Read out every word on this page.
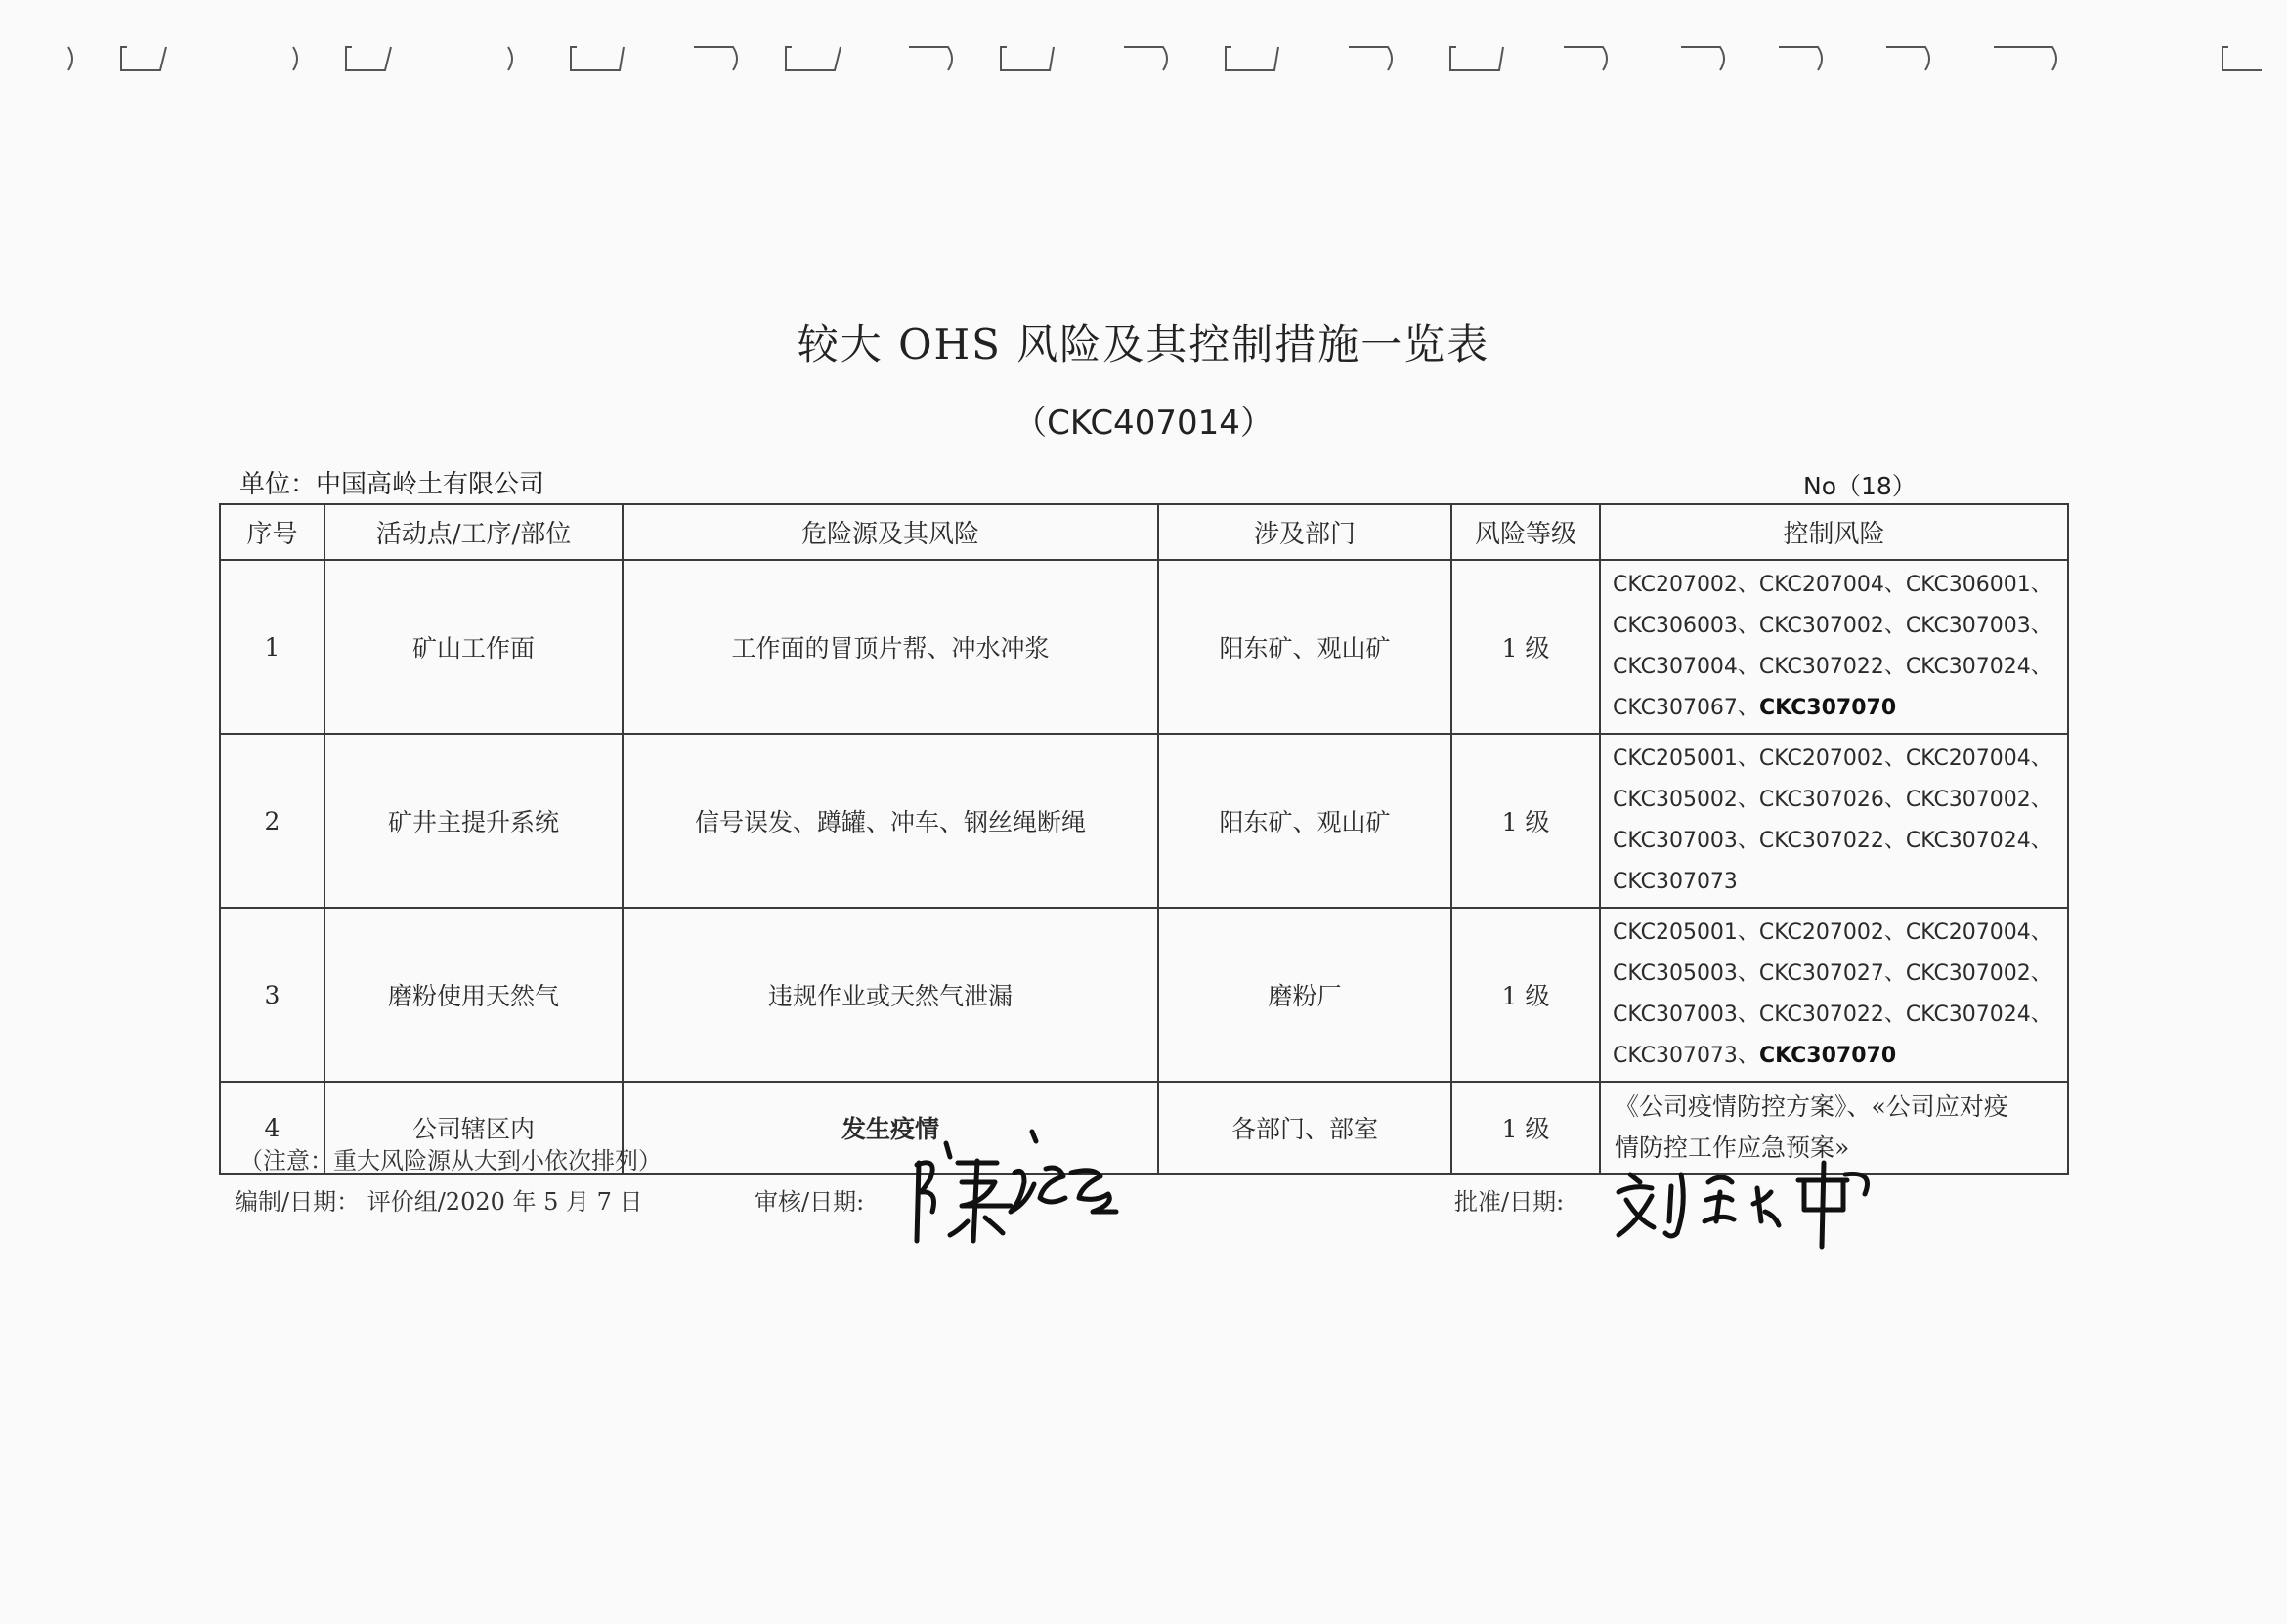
较大 OHS 风险及其控制措施一览表
（CKC407014）
单位：中国高岭土有限公司	No（18）
序号	活动点/工序/部位	危险源及其风险	涉及部门	风险等级	控制风险
1	矿山工作面	工作面的冒顶片帮、冲水冲浆	阳东矿、观山矿	1 级	CKC207002、CKC207004、CKC306001、
CKC306003、CKC307002、CKC307003、
CKC307004、CKC307022、CKC307024、
CKC307067、CKC307070

2	矿井主提升系统	信号误发、蹲罐、冲车、钢丝绳断绳	阳东矿、观山矿	1 级	CKC205001、CKC207002、CKC207004、
CKC305002、CKC307026、CKC307002、
CKC307003、CKC307022、CKC307024、
CKC307073

3	磨粉使用天然气	违规作业或天然气泄漏	磨粉厂	1 级	CKC205001、CKC207002、CKC207004、
CKC305003、CKC307027、CKC307002、
CKC307003、CKC307022、CKC307024、
CKC307073、CKC307070

4	公司辖区内	发生疫情	各部门、部室	1 级	《公司疫情防控方案》、«公司应对疫
情防控工作应急预案»
（注意：重大风险源从大到小依次排列）
编制/日期： 评价组/2020 年 5 月 7 日	审核/日期:	批准/日期:
